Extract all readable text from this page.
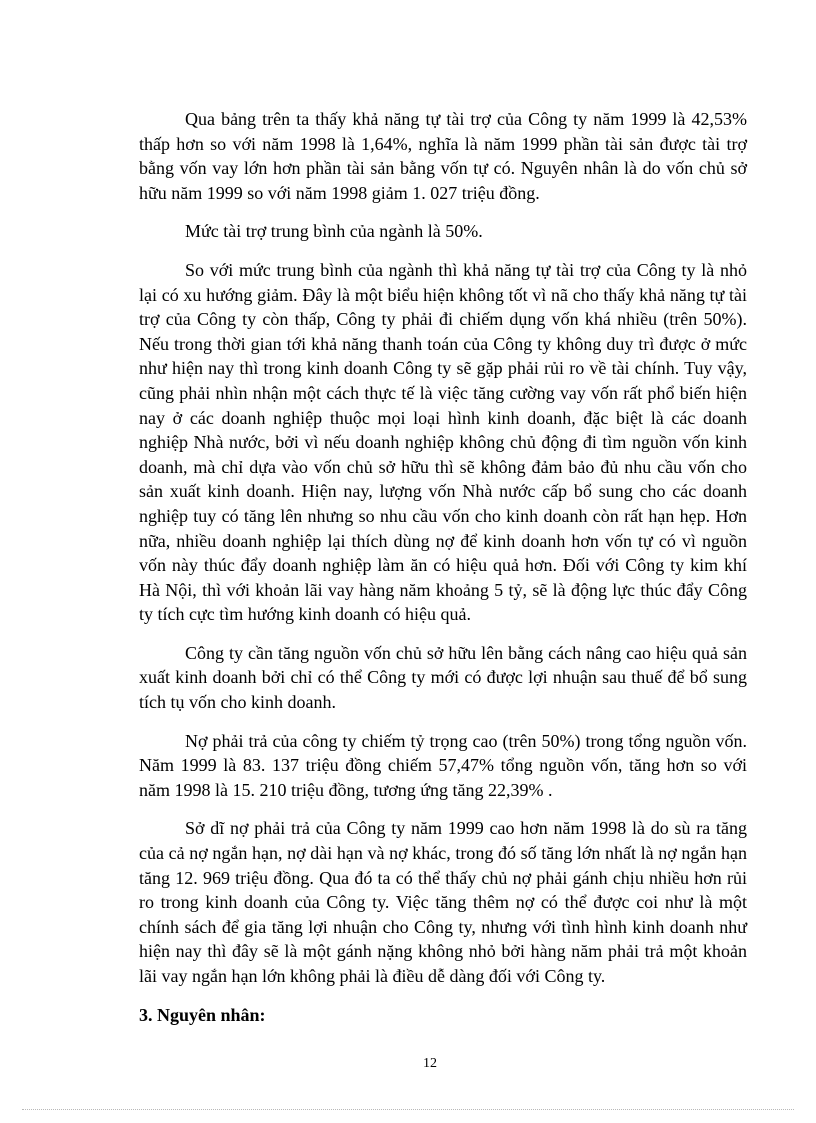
Qua bảng trên ta thấy khả năng tự tài trợ của Công ty năm 1999 là 42,53% thấp hơn so với năm 1998 là 1,64%, nghĩa là năm 1999 phần tài sản được tài trợ bằng vốn vay lớn hơn phần tài sản bằng vốn tự có. Nguyên nhân là do vốn chủ sở hữu năm 1999 so với năm 1998 giảm 1. 027 triệu đồng.

Mức tài trợ trung bình của ngành là 50%.

So với mức trung bình của ngành thì khả năng tự tài trợ của Công ty là nhỏ lại có xu hướng giảm. Đây là một biểu hiện không tốt vì nã cho thấy khả năng tự tài trợ của Công ty còn thấp, Công ty phải đi chiếm dụng vốn khá nhiều (trên 50%). Nếu trong thời gian tới khả năng thanh toán của Công ty không duy trì được ở mức như hiện nay thì trong kinh doanh Công ty sẽ gặp phải rủi ro về tài chính. Tuy vậy, cũng phải nhìn nhận một cách thực tế là việc tăng cường vay vốn rất phổ biến hiện nay ở các doanh nghiệp thuộc mọi loại hình kinh doanh, đặc biệt là các doanh nghiệp Nhà nước, bởi vì nếu doanh nghiệp không chủ động đi tìm nguồn vốn kinh doanh, mà chỉ dựa vào vốn chủ sở hữu thì sẽ không đảm bảo đủ nhu cầu vốn cho sản xuất kinh doanh. Hiện nay, lượng vốn Nhà nước cấp bổ sung cho các doanh nghiệp tuy có tăng lên nhưng so nhu cầu vốn cho kinh doanh còn rất hạn hẹp. Hơn nữa, nhiều doanh nghiệp lại thích dùng nợ để kinh doanh hơn vốn tự có vì nguồn vốn này thúc đẩy doanh nghiệp làm ăn có hiệu quả hơn. Đối với Công ty kim khí Hà Nội, thì với khoản lãi vay hàng năm khoảng 5 tỷ, sẽ là động lực thúc đẩy Công ty tích cực tìm hướng kinh doanh có hiệu quả.

Công ty cần tăng nguồn vốn chủ sở hữu lên bằng cách nâng cao hiệu quả sản xuất kinh doanh bởi chỉ có thể Công ty mới có được lợi nhuận sau thuế để bổ sung tích tụ vốn cho kinh doanh.

Nợ phải trả của công ty chiếm tỷ trọng cao (trên 50%) trong tổng nguồn vốn. Năm 1999 là 83. 137 triệu đồng chiếm 57,47% tổng nguồn vốn, tăng hơn so với năm 1998 là 15. 210 triệu đồng, tương ứng tăng 22,39% .

Sở dĩ nợ phải trả của Công ty năm 1999 cao hơn năm 1998 là do sù ra tăng của cả nợ ngắn hạn, nợ dài hạn và nợ khác, trong đó số tăng lớn nhất là nợ ngắn hạn tăng 12. 969 triệu đồng. Qua đó ta có thể thấy chủ nợ phải gánh chịu nhiều hơn rủi ro trong kinh doanh của Công ty. Việc tăng thêm nợ có thể được coi như là một chính sách để gia tăng lợi nhuận cho Công ty, nhưng với tình hình kinh doanh như hiện nay thì đây sẽ là một gánh nặng không nhỏ bởi hàng năm phải trả một khoản lãi vay ngắn hạn lớn không phải là điều dễ dàng đối với Công ty.

3. Nguyên nhân:

12
